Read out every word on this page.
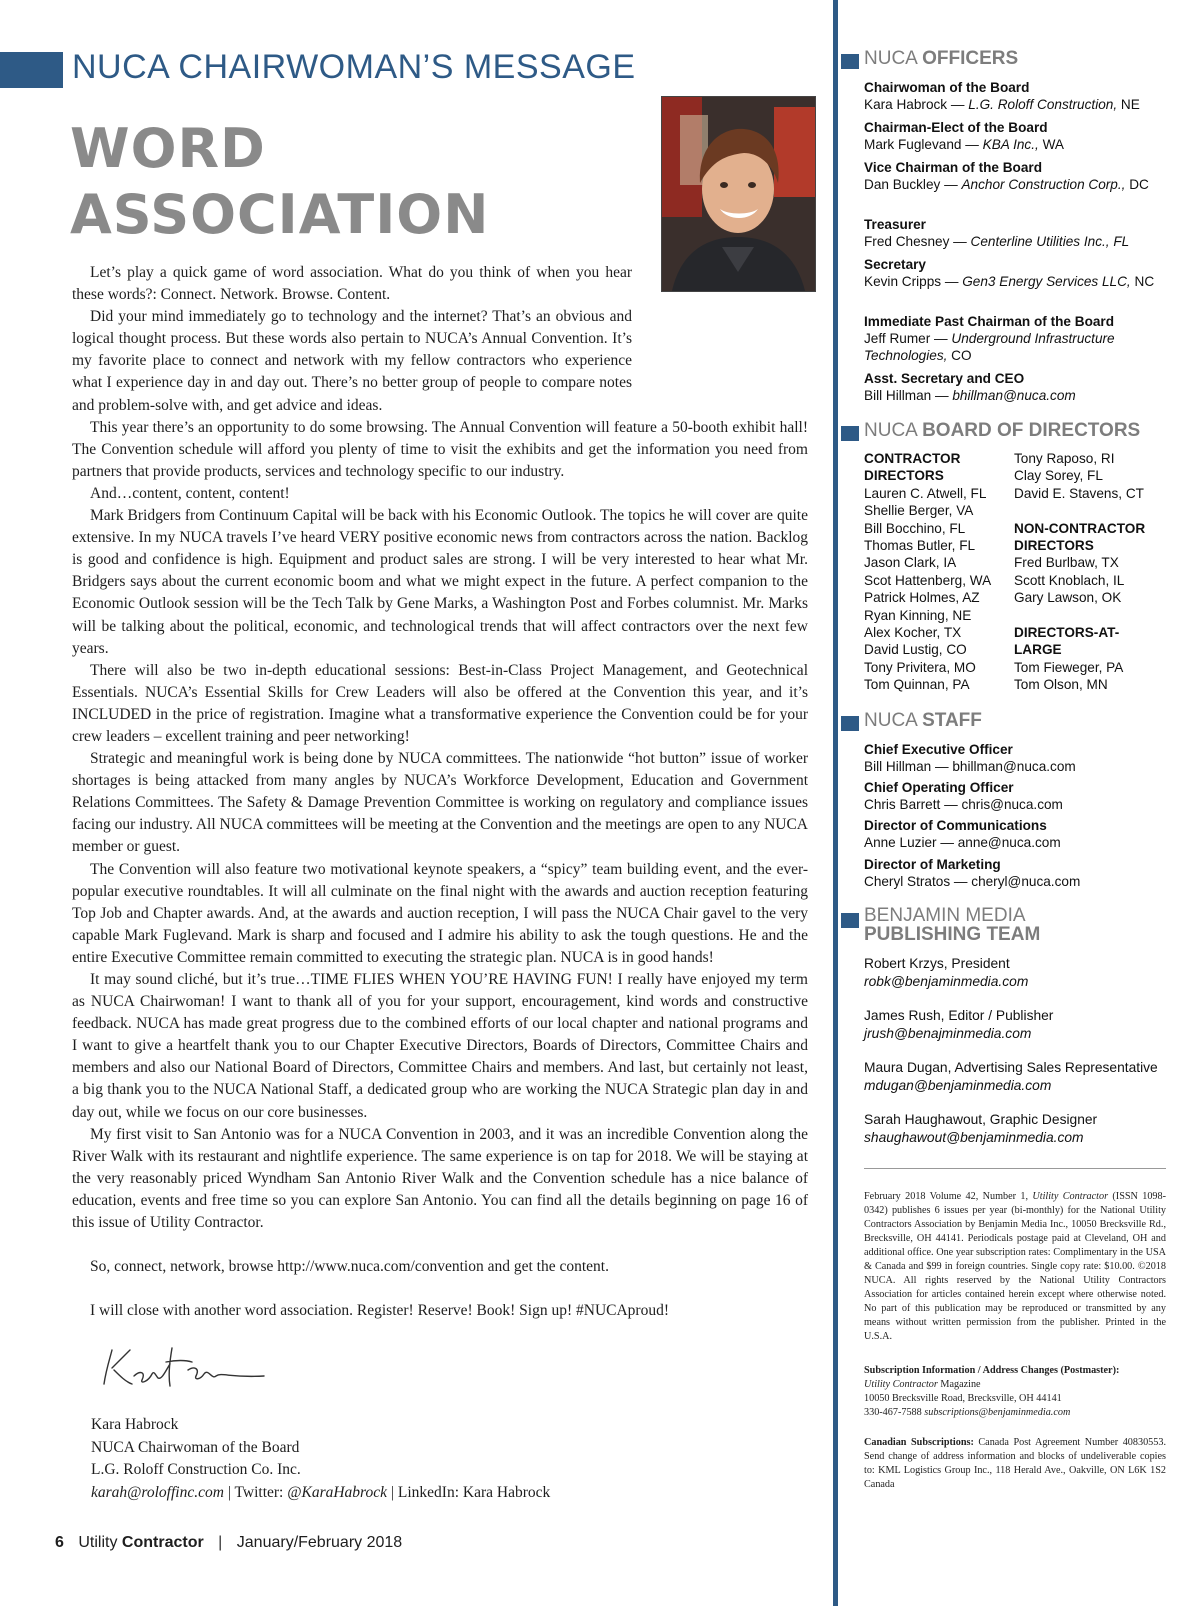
NUCA CHAIRWOMAN’S MESSAGE
WORD
ASSOCIATION

Let’s play a quick game of word association. What do you think of when you hear these words?: Connect. Network. Browse. Content.

Did your mind immediately go to technology and the internet? That’s an obvious and logical thought process. But these words also pertain to NUCA’s Annual Convention. It’s my favorite place to connect and network with my fellow contractors who experience what I experience day in and day out. There’s no better group of people to compare notes and problem-solve with, and get advice and ideas.

This year there’s an opportunity to do some browsing. The Annual Convention will feature a 50-booth exhibit hall! The Convention schedule will afford you plenty of time to visit the exhibits and get the information you need from partners that provide products, services and technology specific to our industry.

And…content, content, content!

Mark Bridgers from Continuum Capital will be back with his Economic Outlook. The topics he will cover are quite extensive. In my NUCA travels I’ve heard VERY positive economic news from contractors across the nation. Backlog is good and confidence is high. Equipment and product sales are strong. I will be very interested to hear what Mr. Bridgers says about the current economic boom and what we might expect in the future. A perfect companion to the Economic Outlook session will be the Tech Talk by Gene Marks, a Washington Post and Forbes columnist. Mr. Marks will be talking about the political, economic, and technological trends that will affect contractors over the next few years.

There will also be two in-depth educational sessions: Best-in-Class Project Management, and Geotechnical Essentials. NUCA’s Essential Skills for Crew Leaders will also be offered at the Convention this year, and it’s INCLUDED in the price of registration. Imagine what a transformative experience the Convention could be for your crew leaders – excellent training and peer networking!

Strategic and meaningful work is being done by NUCA committees. The nationwide “hot button” issue of worker shortages is being attacked from many angles by NUCA’s Workforce Development, Education and Government Relations Committees. The Safety & Damage Prevention Committee is working on regulatory and compliance issues facing our industry. All NUCA committees will be meeting at the Convention and the meetings are open to any NUCA member or guest.

The Convention will also feature two motivational keynote speakers, a “spicy” team building event, and the ever-popular executive roundtables. It will all culminate on the final night with the awards and auction reception featuring Top Job and Chapter awards. And, at the awards and auction reception, I will pass the NUCA Chair gavel to the very capable Mark Fuglevand. Mark is sharp and focused and I admire his ability to ask the tough questions. He and the entire Executive Committee remain committed to executing the strategic plan. NUCA is in good hands!

It may sound cliché, but it’s true…TIME FLIES WHEN YOU’RE HAVING FUN! I really have enjoyed my term as NUCA Chairwoman! I want to thank all of you for your support, encouragement, kind words and constructive feedback. NUCA has made great progress due to the combined efforts of our local chapter and national programs and I want to give a heartfelt thank you to our Chapter Executive Directors, Boards of Directors, Committee Chairs and members and also our National Board of Directors, Committee Chairs and members. And last, but certainly not least, a big thank you to the NUCA National Staff, a dedicated group who are working the NUCA Strategic plan day in and day out, while we focus on our core businesses.

My first visit to San Antonio was for a NUCA Convention in 2003, and it was an incredible Convention along the River Walk with its restaurant and nightlife experience. The same experience is on tap for 2018. We will be staying at the very reasonably priced Wyndham San Antonio River Walk and the Convention schedule has a nice balance of education, events and free time so you can explore San Antonio. You can find all the details beginning on page 16 of this issue of Utility Contractor.

So, connect, network, browse http://www.nuca.com/convention and get the content.

I will close with another word association. Register! Reserve! Book! Sign up! #NUCAproud!

Kara Habrock
NUCA Chairwoman of the Board
L.G. Roloff Construction Co. Inc.
karah@roloffinc.com | Twitter: @KaraHabrock | LinkedIn: Kara Habrock
6 Utility Contractor | January/February 2018
NUCA OFFICERS
Chairwoman of the Board
Kara Habrock — L.G. Roloff Construction, NE
Chairman-Elect of the Board
Mark Fuglevand — KBA Inc., WA
Vice Chairman of the Board
Dan Buckley — Anchor Construction Corp., DC
Treasurer
Fred Chesney — Centerline Utilities Inc., FL
Secretary
Kevin Cripps — Gen3 Energy Services LLC, NC
Immediate Past Chairman of the Board
Jeff Rumer — Underground Infrastructure Technologies, CO
Asst. Secretary and CEO
Bill Hillman — bhillman@nuca.com
NUCA BOARD OF DIRECTORS
CONTRACTOR
DIRECTORS
Lauren C. Atwell, FL
Shellie Berger, VA
Bill Bocchino, FL
Thomas Butler, FL
Jason Clark, IA
Scot Hattenberg, WA
Patrick Holmes, AZ
Ryan Kinning, NE
Alex Kocher, TX
David Lustig, CO
Tony Privitera, MO
Tom Quinnan, PA
Tony Raposo, RI
Clay Sorey, FL
David E. Stavens, CT
NON-CONTRACTOR
DIRECTORS
Fred Burlbaw, TX
Scott Knoblach, IL
Gary Lawson, OK
DIRECTORS-AT-
LARGE
Tom Fieweger, PA
Tom Olson, MN
NUCA STAFF
Chief Executive Officer
Bill Hillman — bhillman@nuca.com
Chief Operating Officer
Chris Barrett — chris@nuca.com
Director of Communications
Anne Luzier — anne@nuca.com
Director of Marketing
Cheryl Stratos — cheryl@nuca.com
BENJAMIN MEDIA
PUBLISHING TEAM
Robert Krzys, President
robk@benjaminmedia.com
James Rush, Editor / Publisher
jrush@benajminmedia.com
Maura Dugan, Advertising Sales Representative
mdugan@benjaminmedia.com
Sarah Haughawout, Graphic Designer
shaughawout@benjaminmedia.com
February 2018 Volume 42, Number 1, Utility Contractor (ISSN 1098-0342) publishes 6 issues per year (bi-monthly) for the National Utility Contractors Association by Benjamin Media Inc., 10050 Brecksville Rd., Brecksville, OH 44141. Periodicals postage paid at Cleveland, OH and additional office. One year subscription rates: Complimentary in the USA & Canada and $99 in foreign countries. Single copy rate: $10.00. ©2018 NUCA. All rights reserved by the National Utility Contractors Association for articles contained herein except where otherwise noted. No part of this publication may be reproduced or transmitted by any means without written permission from the publisher. Printed in the U.S.A.
Subscription Information / Address Changes (Postmaster):
Utility Contractor Magazine
10050 Brecksville Road, Brecksville, OH 44141
330-467-7588 subscriptions@benjaminmedia.com
Canadian Subscriptions: Canada Post Agreement Number 40830553. Send change of address information and blocks of undeliverable copies to: KML Logistics Group Inc., 118 Herald Ave., Oakville, ON L6K 1S2 Canada
